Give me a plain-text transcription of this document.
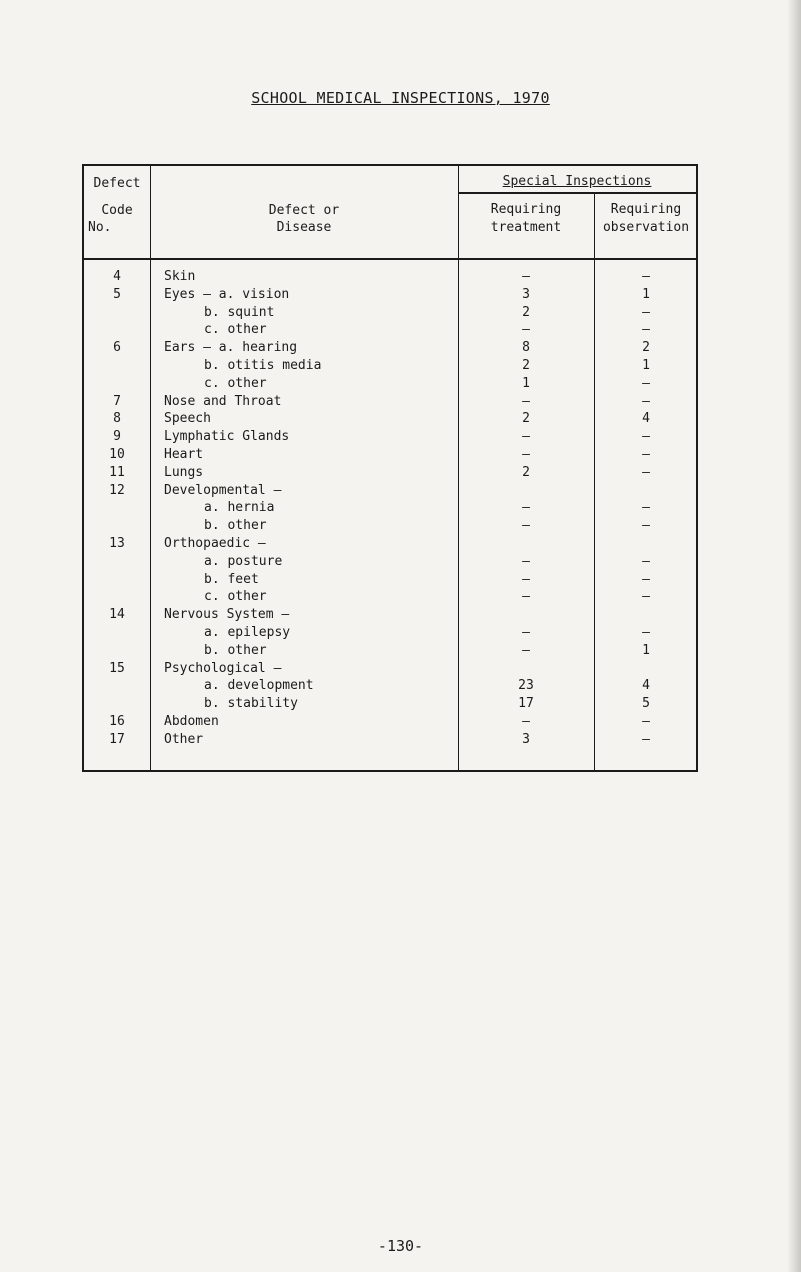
SCHOOL MEDICAL INSPECTIONS, 1970
Defect
Code
No.
Defect or
Disease
Special Inspections
Requiring
treatment
Requiring
observation
4	Skin	–	–
5	Eyes – a. vision	3	1
b. squint	2	–
c. other	–	–
6	Ears – a. hearing	8	2
b. otitis media	2	1
c. other	1	–
7	Nose and Throat	–	–
8	Speech	2	4
9	Lymphatic Glands	–	–
10	Heart	–	–
11	Lungs	2	–
12	Developmental –
a. hernia	–	–
b. other	–	–
13	Orthopaedic –
a. posture	–	–
b. feet	–	–
c. other	–	–
14	Nervous System –
a. epilepsy	–	–
b. other	–	1
15	Psychological –
a. development	23	4
b. stability	17	5
16	Abdomen	–	–
17	Other	3	–
-130-
